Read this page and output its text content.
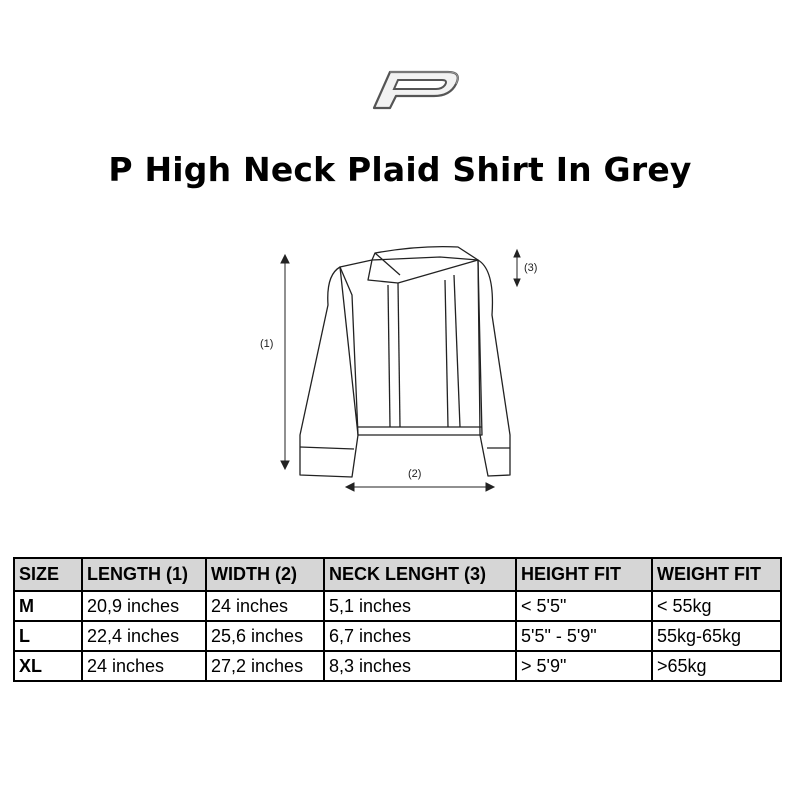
P High Neck Plaid Shirt In Grey
(1)
(2)
(3)
SIZE	LENGTH (1)	WIDTH (2)	NECK LENGHT (3)	HEIGHT FIT	WEIGHT FIT
M	20,9 inches	24 inches	5,1 inches	< 5'5"	< 55kg
L	22,4 inches	25,6 inches	6,7 inches	5'5" - 5'9"	55kg-65kg
XL	24 inches	27,2 inches	8,3 inches	> 5'9"	>65kg
